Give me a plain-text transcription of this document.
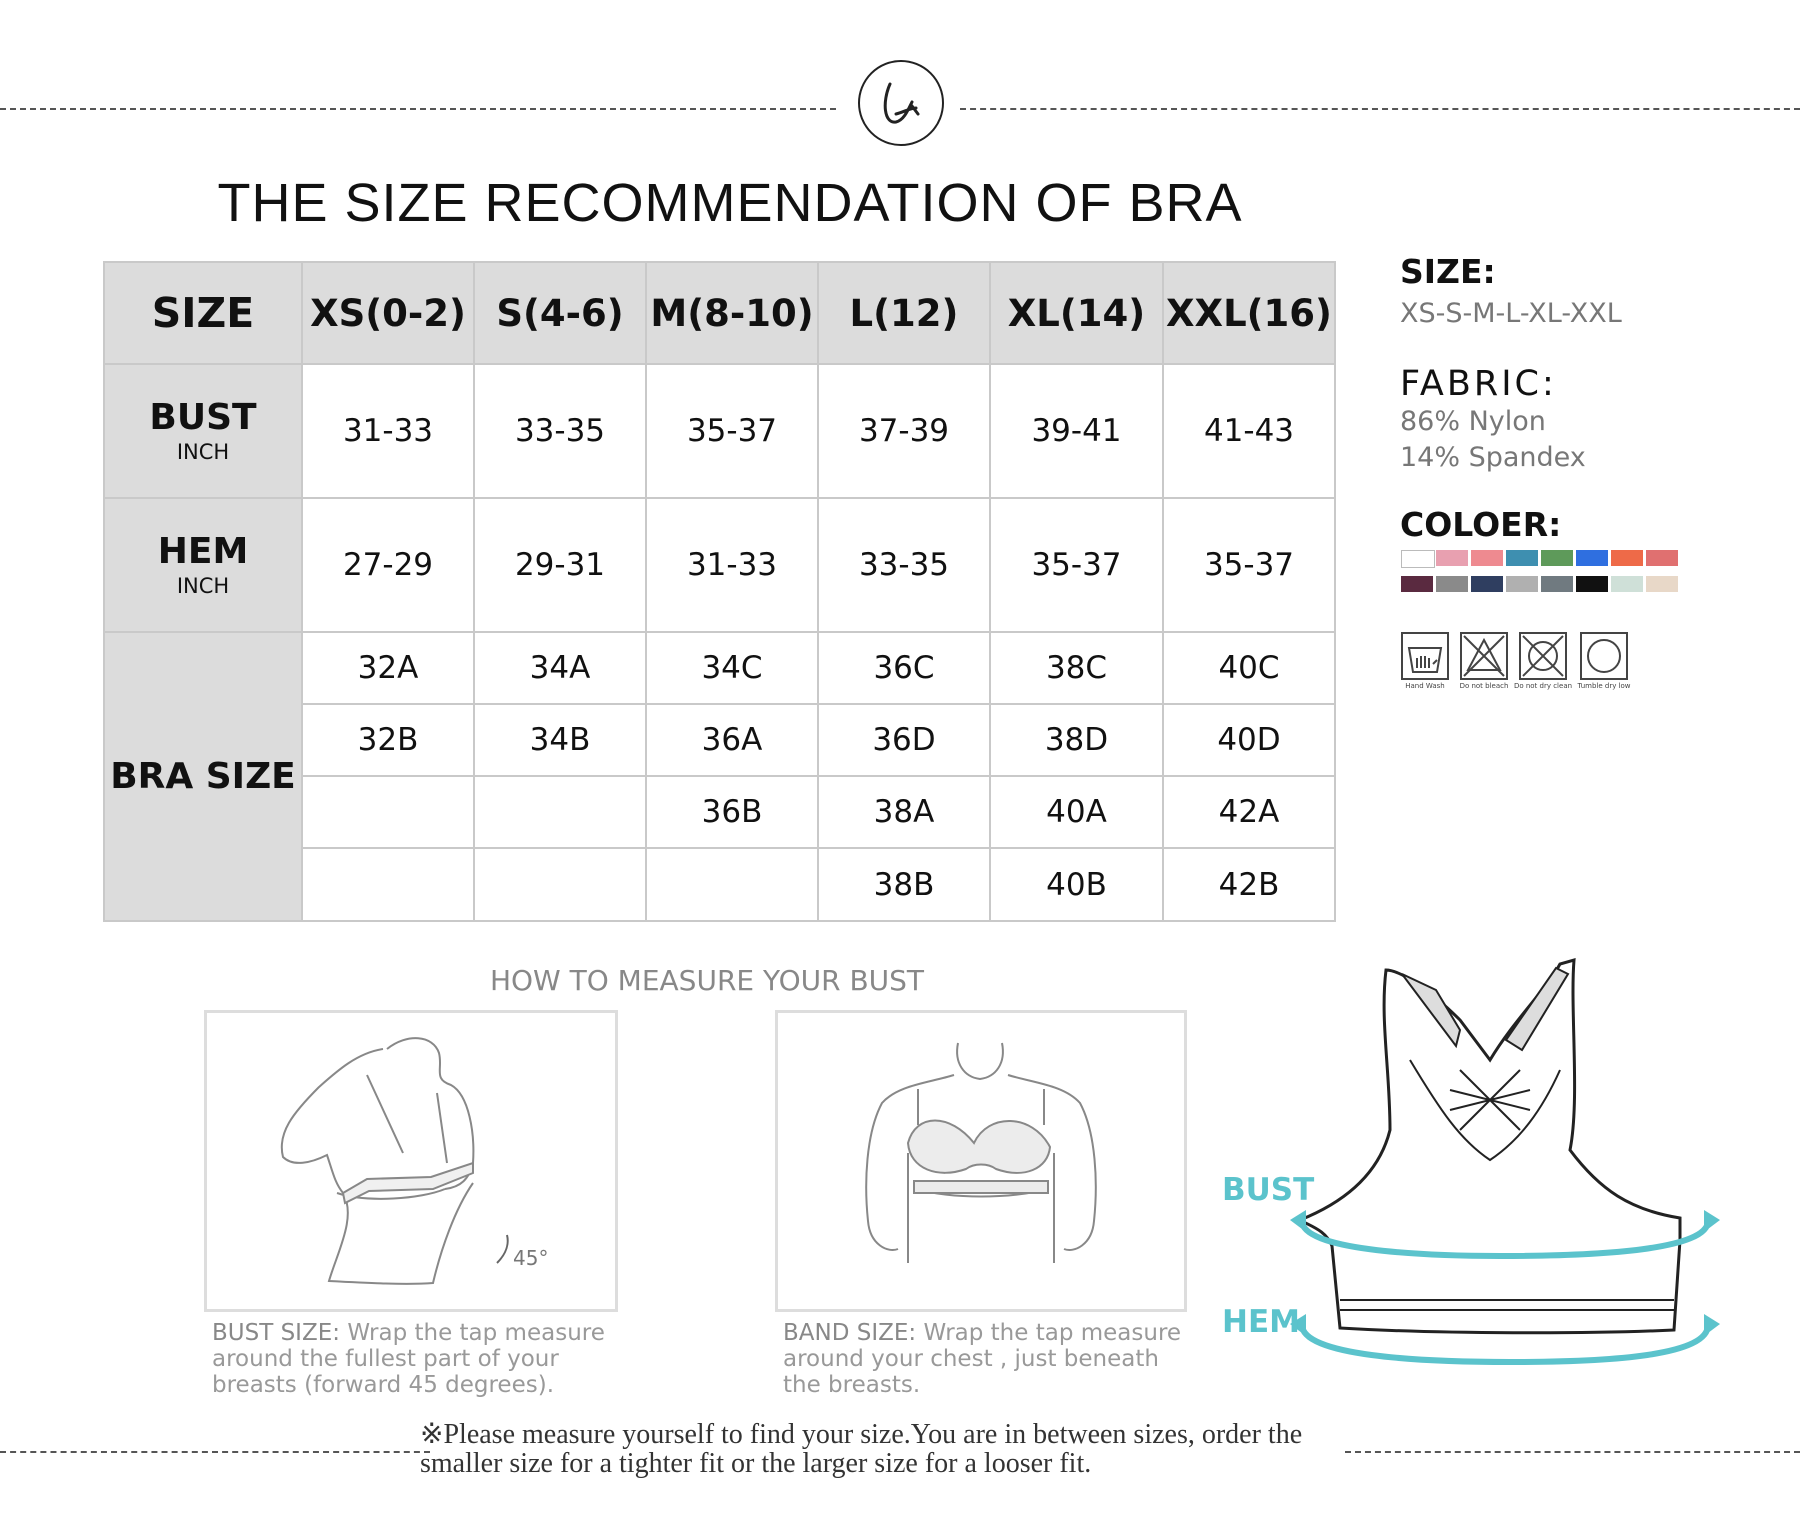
THE SIZE RECOMMENDATION OF BRA
SIZE	XS(0-2)	S(4-6)	M(8-10)	L(12)	XL(14)	XXL(16)
BUST
INCH	31-33	33-35	35-37	37-39	39-41	41-43
HEM
INCH	27-29	29-31	31-33	33-35	35-37	35-37
BRA SIZE	32A	34A	34C	36C	38C	40C
	32B	34B	36A	36D	38D	40D
			36B	38A	40A	42A
				38B	40B	42B
SIZE:
XS-S-M-L-XL-XXL
FABRIC:
86% Nylon
14% Spandex
COLOER:
Hand Wash	Do not bleach Do not dry clean Tumble dry low
HOW TO MEASURE YOUR BUST
45°
BUST SIZE: Wrap the tap measure around the fullest part of your breasts (forward 45 degrees).
BAND SIZE: Wrap the tap measure around your chest , just beneath the breasts.
BUST
HEM
※Please measure yourself to find your size.You are in between sizes, order the smaller size for a tighter fit or the larger size for a looser fit.
